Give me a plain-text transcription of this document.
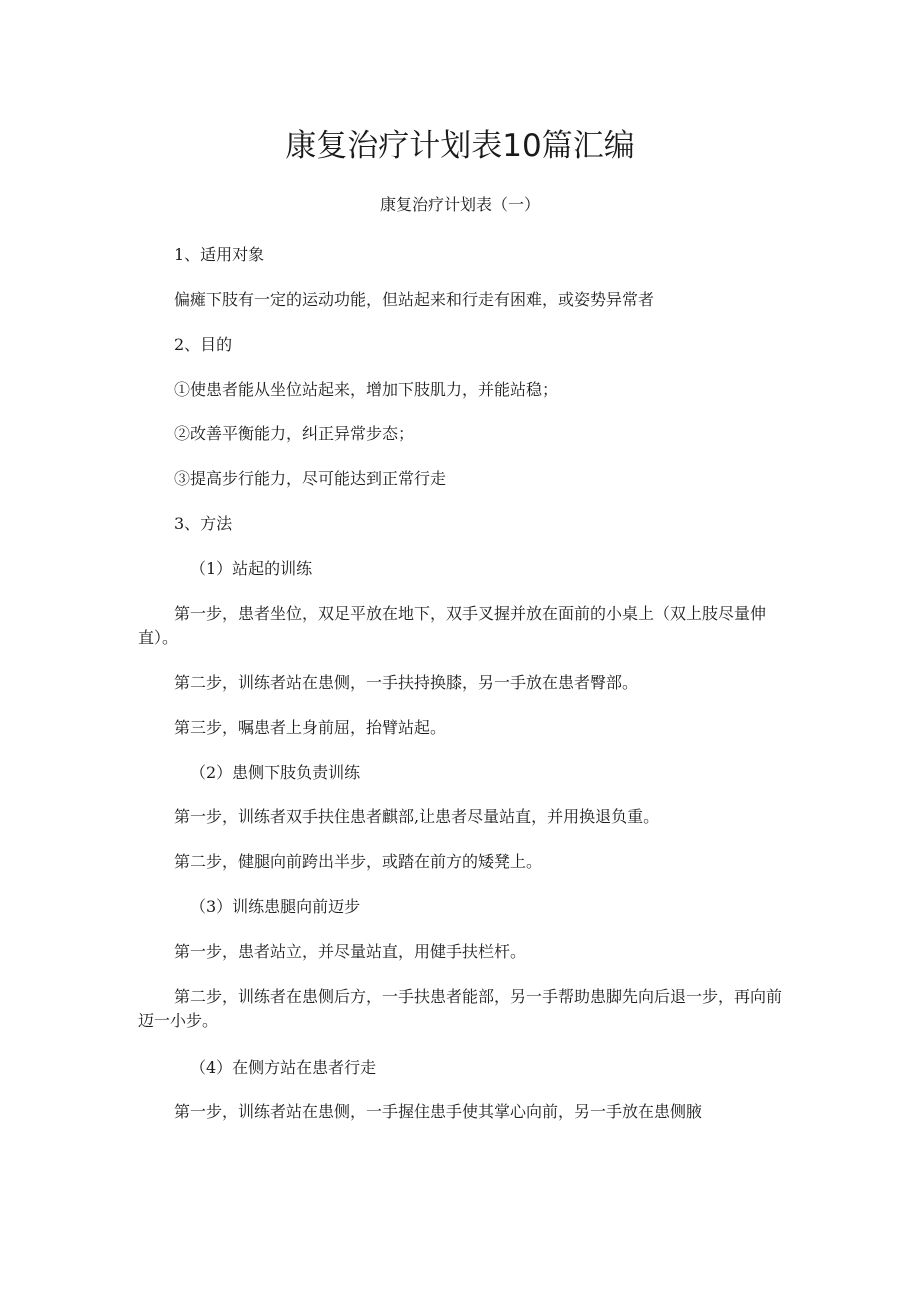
康复治疗计划表10篇汇编

康复治疗计划表（一）

1、适用对象

偏瘫下肢有一定的运动功能，但站起来和行走有困难，或姿势异常者

2、目的

①使患者能从坐位站起来，增加下肢肌力，并能站稳；

②改善平衡能力，纠正异常步态；

③提高步行能力，尽可能达到正常行走

3、方法

（1）站起的训练

第一步，患者坐位，双足平放在地下，双手叉握并放在面前的小桌上（双上肢尽量伸直）。

第二步，训练者站在患侧，一手扶持换膝，另一手放在患者臀部。

第三步，嘱患者上身前屈，抬臂站起。

（2）患侧下肢负责训练

第一步，训练者双手扶住患者麒部,让患者尽量站直，并用换退负重。

第二步，健腿向前跨出半步，或踏在前方的矮凳上。

（3）训练患腿向前迈步

第一步，患者站立，并尽量站直，用健手扶栏杆。

第二步，训练者在患侧后方，一手扶患者能部，另一手帮助患脚先向后退一步，再向前迈一小步。

（4）在侧方站在患者行走

第一步，训练者站在患侧，一手握住患手使其掌心向前，另一手放在患侧腋
